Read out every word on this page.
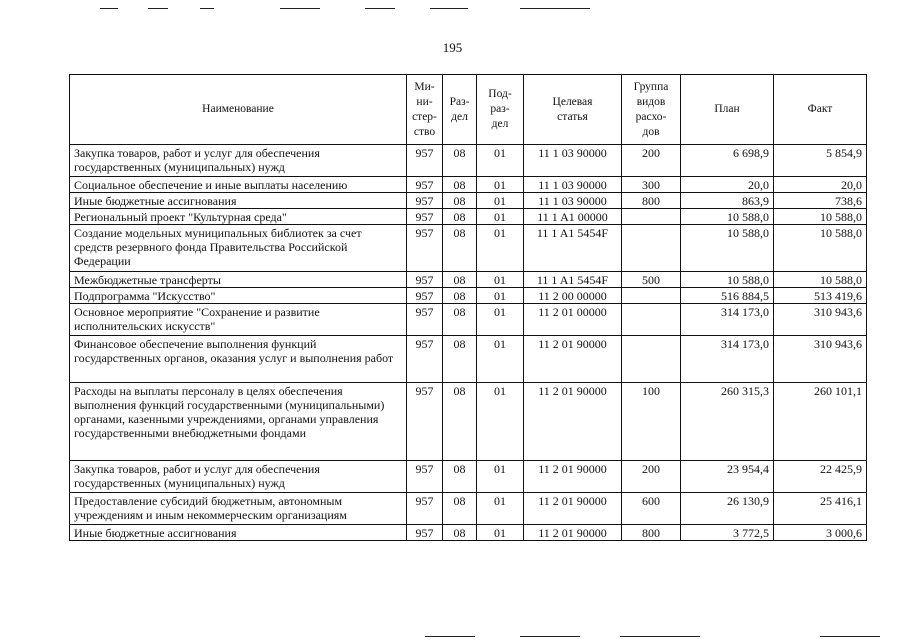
195
Наименование	Ми-
ни-
стер-
ство	Раз-
дел	Под-
раз-
дел	Целевая
статья	Группа
видов
расхо-
дов	План	Факт
Закупка товаров, работ и услуг для обеспечения государственных (муниципальных) нужд	957	08	01	11 1 03 90000	200	6 698,9	5 854,9
Социальное обеспечение и иные выплаты населению	957	08	01	11 1 03 90000	300	20,0	20,0
Иные бюджетные ассигнования	957	08	01	11 1 03 90000	800	863,9	738,6
Региональный проект "Культурная среда"	957	08	01	11 1 A1 00000		10 588,0	10 588,0
Создание модельных муниципальных библиотек за счет средств резервного фонда Правительства Российской Федерации	957	08	01	11 1 A1 5454F		10 588,0	10 588,0
Межбюджетные трансферты	957	08	01	11 1 A1 5454F	500	10 588,0	10 588,0
Подпрограмма "Искусство"	957	08	01	11 2 00 00000		516 884,5	513 419,6
Основное мероприятие "Сохранение и развитие исполнительских искусств"	957	08	01	11 2 01 00000		314 173,0	310 943,6
Финансовое обеспечение выполнения функций государственных органов, оказания услуг и выполнения работ	957	08	01	11 2 01 90000		314 173,0	310 943,6
Расходы на выплаты персоналу в целях обеспечения выполнения функций государственными (муниципальными) органами, казенными учреждениями, органами управления государственными внебюджетными фондами	957	08	01	11 2 01 90000	100	260 315,3	260 101,1
Закупка товаров, работ и услуг для обеспечения государственных (муниципальных) нужд	957	08	01	11 2 01 90000	200	23 954,4	22 425,9
Предоставление субсидий бюджетным, автономным учреждениям и иным некоммерческим организациям	957	08	01	11 2 01 90000	600	26 130,9	25 416,1
Иные бюджетные ассигнования	957	08	01	11 2 01 90000	800	3 772,5	3 000,6
